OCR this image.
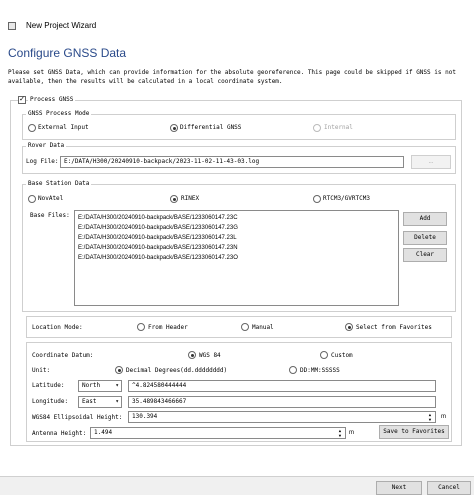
New Project Wizard
Configure GNSS Data
Please set GNSS Data, which can provide information for the absolute georeference. This page could be skipped if GNSS is not available, then the results will be calculated in a local coordinate system.
✓ Process GNSS
GNSS Process Mode
External Input	Differential GNSS	Internal
Rover Data
Log File: E:/DATA/H300/20240910-backpack/2023-11-02-11-43-03.log	...
Base Station Data
NovAtel	RINEX	RTCM3/GVRTCM3
Base Files:	E:/DATA/H300/20240910-backpack/BASE/1233060147.23C
E:/DATA/H300/20240910-backpack/BASE/1233060147.23G
E:/DATA/H300/20240910-backpack/BASE/1233060147.23L
E:/DATA/H300/20240910-backpack/BASE/1233060147.23N
E:/DATA/H300/20240910-backpack/BASE/1233060147.23O
Add
Delete
Clear
Location Mode:	From Header	Manual	Select from Favorites
Coordinate Datum:	WGS 84	Custom
Unit:	Decimal Degrees(dd.dddddddd)	DD:MM:SSSSS
Latitude:	North	▾	^4.824580444444
Longitude:	East	▾	35.489843466667
WGS84 Ellipsoidal Height:	130.394	▲
▼	m
Antenna Height:	1.494	▲
▼	m	Save to Favorites
Next	Cancel
